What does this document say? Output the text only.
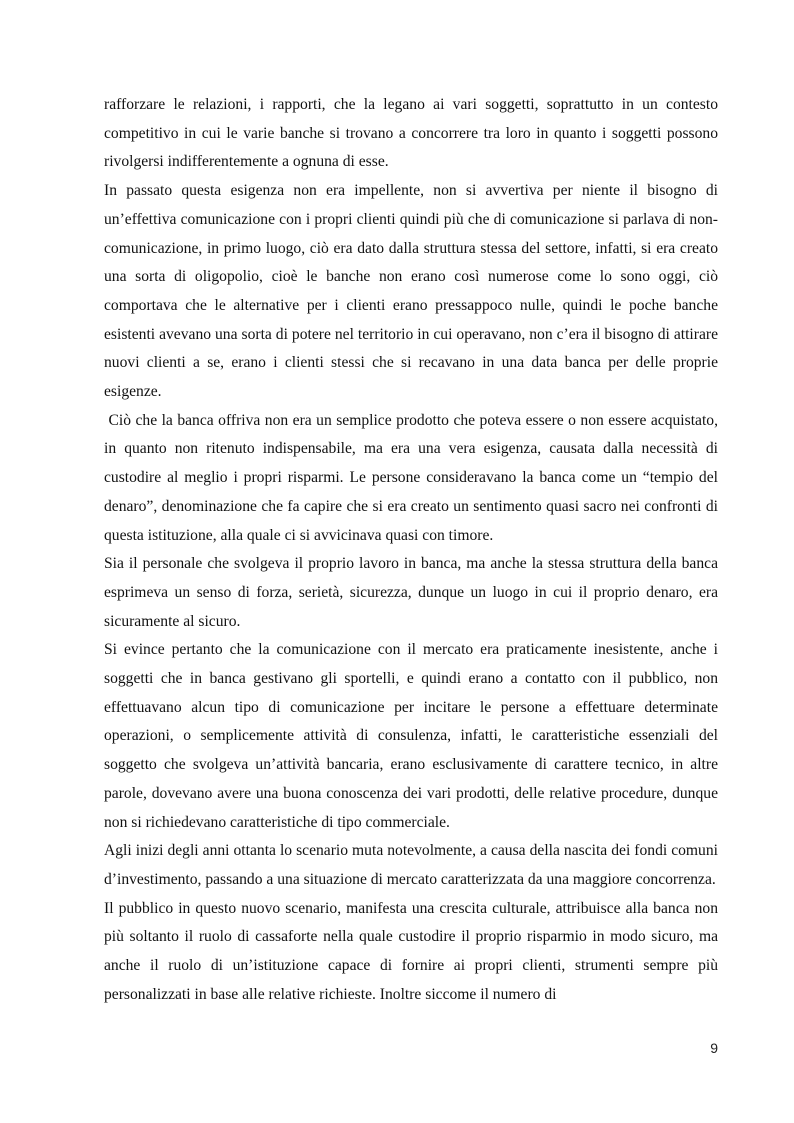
rafforzare le relazioni, i rapporti, che la legano ai vari soggetti, soprattutto in un contesto competitivo in cui le varie banche si trovano a concorrere tra loro in quanto i soggetti possono rivolgersi indifferentemente a ognuna di esse.

In passato questa esigenza non era impellente, non si avvertiva per niente il bisogno di un’effettiva comunicazione con i propri clienti quindi più che di comunicazione si parlava di non-comunicazione, in primo luogo, ciò era dato dalla struttura stessa del settore, infatti, si era creato una sorta di oligopolio, cioè le banche non erano così numerose come lo sono oggi, ciò comportava che le alternative per i clienti erano pressappoco nulle, quindi le poche banche esistenti avevano una sorta di potere nel territorio in cui operavano, non c’era il bisogno di attirare nuovi clienti a se, erano i clienti stessi che si recavano in una data banca per delle proprie esigenze.

Ciò che la banca offriva non era un semplice prodotto che poteva essere o non essere acquistato, in quanto non ritenuto indispensabile, ma era una vera esigenza, causata dalla necessità di custodire al meglio i propri risparmi. Le persone consideravano la banca come un “tempio del denaro”, denominazione che fa capire che si era creato un sentimento quasi sacro nei confronti di questa istituzione, alla quale ci si avvicinava quasi con timore.

Sia il personale che svolgeva il proprio lavoro in banca, ma anche la stessa struttura della banca esprimeva un senso di forza, serietà, sicurezza, dunque un luogo in cui il proprio denaro, era sicuramente al sicuro.

Si evince pertanto che la comunicazione con il mercato era praticamente inesistente, anche i soggetti che in banca gestivano gli sportelli, e quindi erano a contatto con il pubblico, non effettuavano alcun tipo di comunicazione per incitare le persone a effettuare determinate operazioni, o semplicemente attività di consulenza, infatti, le caratteristiche essenziali del soggetto che svolgeva un’attività bancaria, erano esclusivamente di carattere tecnico, in altre parole, dovevano avere una buona conoscenza dei vari prodotti, delle relative procedure, dunque non si richiedevano caratteristiche di tipo commerciale.

Agli inizi degli anni ottanta lo scenario muta notevolmente, a causa della nascita dei fondi comuni d’investimento, passando a una situazione di mercato caratterizzata da una maggiore concorrenza.

Il pubblico in questo nuovo scenario, manifesta una crescita culturale, attribuisce alla banca non più soltanto il ruolo di cassaforte nella quale custodire il proprio risparmio in modo sicuro, ma anche il ruolo di un’istituzione capace di fornire ai propri clienti, strumenti sempre più personalizzati in base alle relative richieste. Inoltre siccome il numero di

9
